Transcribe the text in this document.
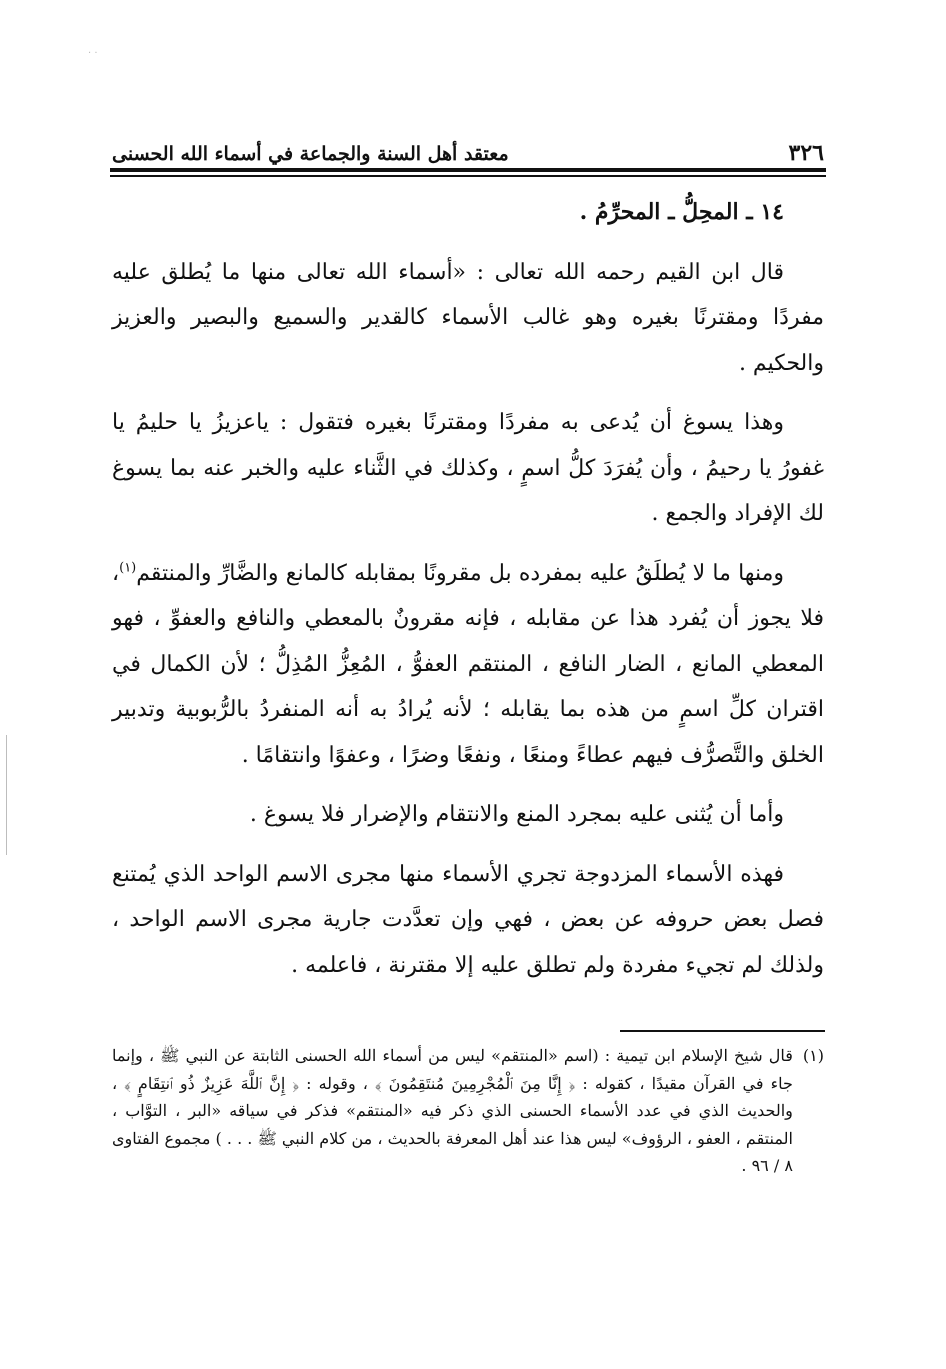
· ·
٣٢٦
معتقد أهل السنة والجماعة في أسماء الله الحسنى

١٤ ـ المحِلُّ ـ المحرِّمُ .

قال ابن القيم رحمه الله تعالى : «أسماء الله تعالى منها ما يُطلق عليه مفردًا ومقترنًا بغيره وهو غالب الأسماء كالقدير والسميع والبصير والعزيز والحكيم .

وهذا يسوغ أن يُدعى به مفردًا ومقترنًا بغيره فتقول : ياعزيزُ يا حليمُ يا غفورُ يا رحيمُ ، وأن يُفرَدَ كلُّ اسمٍ ، وكذلك في الثَّناء عليه والخبر عنه بما يسوغ لك الإفراد والجمع .

ومنها ما لا يُطلَقُ عليه بمفرده بل مقرونًا بمقابله كالمانع والضَّارِّ والمنتقم$^{(١)}$، فلا يجوز أن يُفرد هذا عن مقابله ، فإنه مقرونٌ بالمعطي والنافع والعفوِّ ، فهو المعطي المانع ، الضار النافع ، المنتقم العفوُّ ، المُعِزُّ المُذِلُّ ؛ لأن الكمال في اقتران كلِّ اسمٍ من هذه بما يقابله ؛ لأنه يُرادُ به أنه المنفردُ بالرُّبوبية وتدبير الخلق والتَّصرُّف فيهم عطاءً ومنعًا ، ونفعًا وضرًا ، وعفوًا وانتقامًا .

وأما أن يُثنى عليه بمجرد المنع والانتقام والإضرار فلا يسوغ .

فهذه الأسماء المزدوجة تجري الأسماء منها مجرى الاسم الواحد الذي يُمتنع فصل بعض حروفه عن بعض ، فهي وإن تعدَّدت جارية مجرى الاسم الواحد ، ولذلك لم تجيء مفردة ولم تطلق عليه إلا مقترنة ، فاعلمه .

(١)
قال شيخ الإسلام ابن تيمية : (اسم «المنتقم» ليس من أسماء الله الحسنى الثابتة عن النبي ﷺ ، وإنما جاء في القرآن مقيدًا ، كقوله : ﴿ إِنَّا مِنَ ٱلْمُجْرِمِينَ مُنتَقِمُونَ ﴾ ، وقوله : ﴿ إِنَّ ٱللَّهَ عَزِيزٌ ذُو ٱنتِقَامٍ ﴾ ، والحديث الذي في عدد الأسماء الحسنى الذي ذكر فيه «المنتقم» فذكر في سياقه «البر ، التوَّاب ، المنتقم ، العفو ، الرؤوف» ليس هذا عند أهل المعرفة بالحديث ، من كلام النبي ﷺ . . . ) مجموع الفتاوى ٨ / ٩٦ .
